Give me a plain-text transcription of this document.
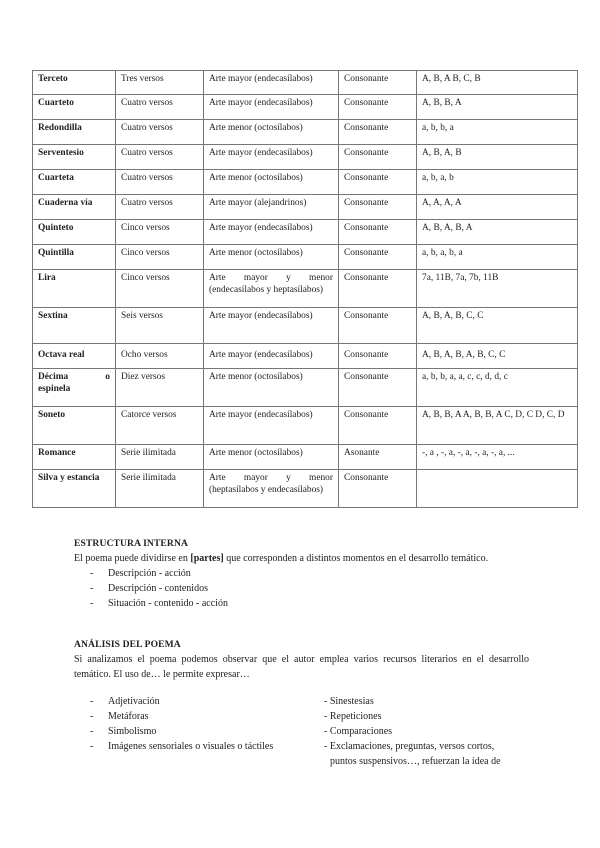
Terceto	Tres versos	Arte mayor (endecasílabos)	Consonante	A, B, A B, C, B
Cuarteto	Cuatro versos	Arte mayor (endecasílabos)	Consonante	A, B, B, A
Redondilla	Cuatro versos	Arte menor (octosílabos)	Consonante	a, b, b, a
Serventesio	Cuatro versos	Arte mayor (endecasílabos)	Consonante	A, B, A, B
Cuarteta	Cuatro versos	Arte menor (octosílabos)	Consonante	a, b, a, b
Cuaderna vía	Cuatro versos	Arte mayor (alejandrinos)	Consonante	A, A, A, A
Quinteto	Cinco versos	Arte mayor (endecasílabos)	Consonante	A, B, A, B, A
Quintilla	Cinco versos	Arte menor (octosílabos)	Consonante	a, b, a, b, a
Lira	Cinco versos	Arte mayor y menor
(endecasílabos y heptasílabos)	Consonante	7a, 11B, 7a, 7b, 11B
Sextina	Seis versos	Arte mayor (endecasílabos)	Consonante	A, B, A, B, C, C
Octava real	Ocho versos	Arte mayor (endecasílabos)	Consonante	A, B, A, B, A, B, C, C

Décima o
espinela	Diez versos	Arte menor (octosílabos)	Consonante	a, b, b, a, a, c, c, d, d, c
Soneto	Catorce versos	Arte mayor (endecasílabos)	Consonante	A, B, B, A A, B, B, A C, D, C D, C, D
Romance	Serie ilimitada	Arte menor (octosílabos)	Asonante	-, a , -, a, -, a, -, a, -, a, ...
Silva y estancia	Serie ilimitada	Arte mayor y menor
(heptasílabos y endecasílabos)	Consonante	
ESTRUCTURA INTERNA

El poema puede dividirse en [partes] que corresponden a distintos momentos en el desarrollo temático.

- Descripción - acción
- Descripción - contenidos
- Situación - contenido - acción
ANÁLISIS DEL POEMA

Si analizamos el poema podemos observar que el autor emplea varios recursos literarios en el desarrollo temático. El uso de… le permite expresar…

- Adjetivación
- Metáforas
- Simbolismo
- Imágenes sensoriales o visuales o táctiles
- Sinestesias
- Repeticiones
- Comparaciones
- Exclamaciones, preguntas, versos cortos,
puntos suspensivos…, refuerzan la idea de
